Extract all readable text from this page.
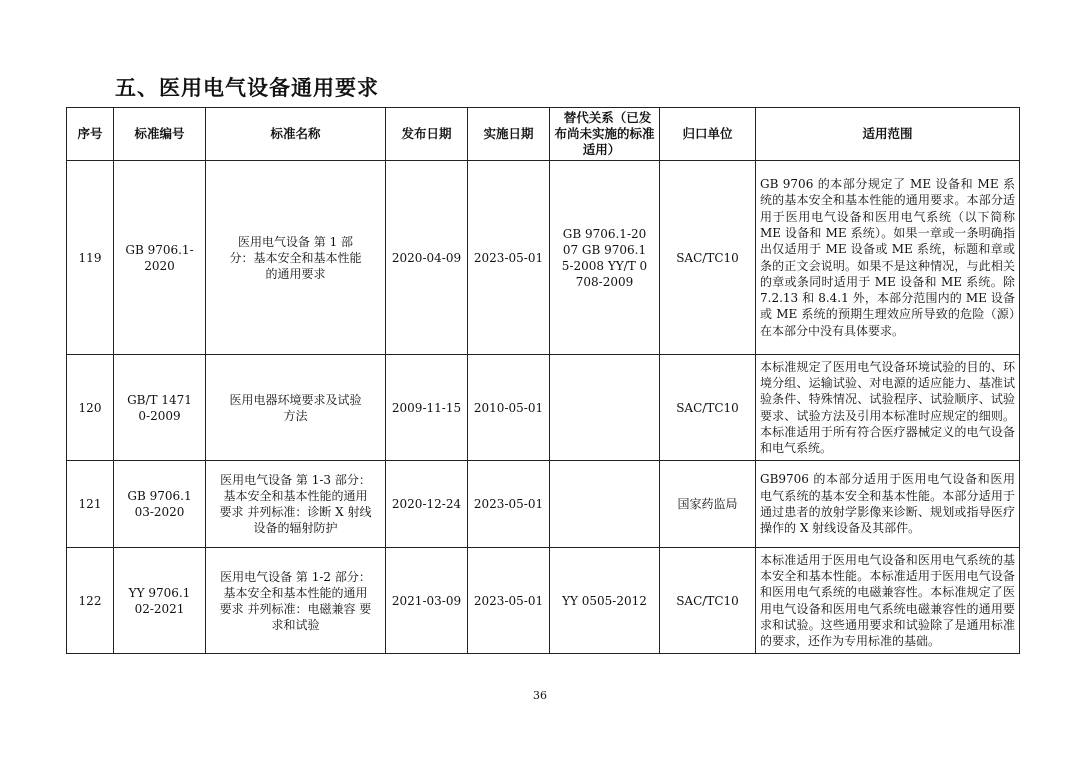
五、医用电气设备通用要求
序号	标准编号	标准名称	发布日期	实施日期	替代关系（已发布尚未实施的标准适用）	归口单位	适用范围
119	GB 9706.1-2020	医用电气设备 第 1 部分：基本安全和基本性能的通用要求	2020-04-09	2023-05-01	GB 9706.1-2007 GB 9706.15-2008 YY/T 0708-2009	SAC/TC10	GB 9706 的本部分规定了 ME 设备和 ME 系统的基本安全和基本性能的通用要求。本部分适用于医用电气设备和医用电气系统（以下简称 ME 设备和 ME 系统）。如果一章或一条明确指出仅适用于 ME 设备或 ME 系统，标题和章或条的正文会说明。如果不是这种情况，与此相关的章或条同时适用于 ME 设备和 ME 系统。除 7.2.13 和 8.4.1 外，本部分范围内的 ME 设备或 ME 系统的预期生理效应所导致的危险（源）在本部分中没有具体要求。
120	GB/T 14710-2009	医用电器环境要求及试验方法	2009-11-15	2010-05-01		SAC/TC10	本标准规定了医用电气设备环境试验的目的、环境分组、运输试验、对电源的适应能力、基准试验条件、特殊情况、试验程序、试验顺序、试验要求、试验方法及引用本标准时应规定的细则。本标准适用于所有符合医疗器械定义的电气设备和电气系统。
121	GB 9706.103-2020	医用电气设备 第 1-3 部分：基本安全和基本性能的通用要求 并列标准：诊断 X 射线设备的辐射防护	2020-12-24	2023-05-01		国家药监局	GB9706 的本部分适用于医用电气设备和医用电气系统的基本安全和基本性能。本部分适用于通过患者的放射学影像来诊断、规划或指导医疗操作的 X 射线设备及其部件。
122	YY 9706.102-2021	医用电气设备 第 1-2 部分：基本安全和基本性能的通用要求 并列标准：电磁兼容 要求和试验	2021-03-09	2023-05-01	YY 0505-2012	SAC/TC10	本标准适用于医用电气设备和医用电气系统的基本安全和基本性能。本标准适用于医用电气设备和医用电气系统的电磁兼容性。本标准规定了医用电气设备和医用电气系统电磁兼容性的通用要求和试验。这些通用要求和试验除了是通用标准的要求，还作为专用标准的基础。
36
